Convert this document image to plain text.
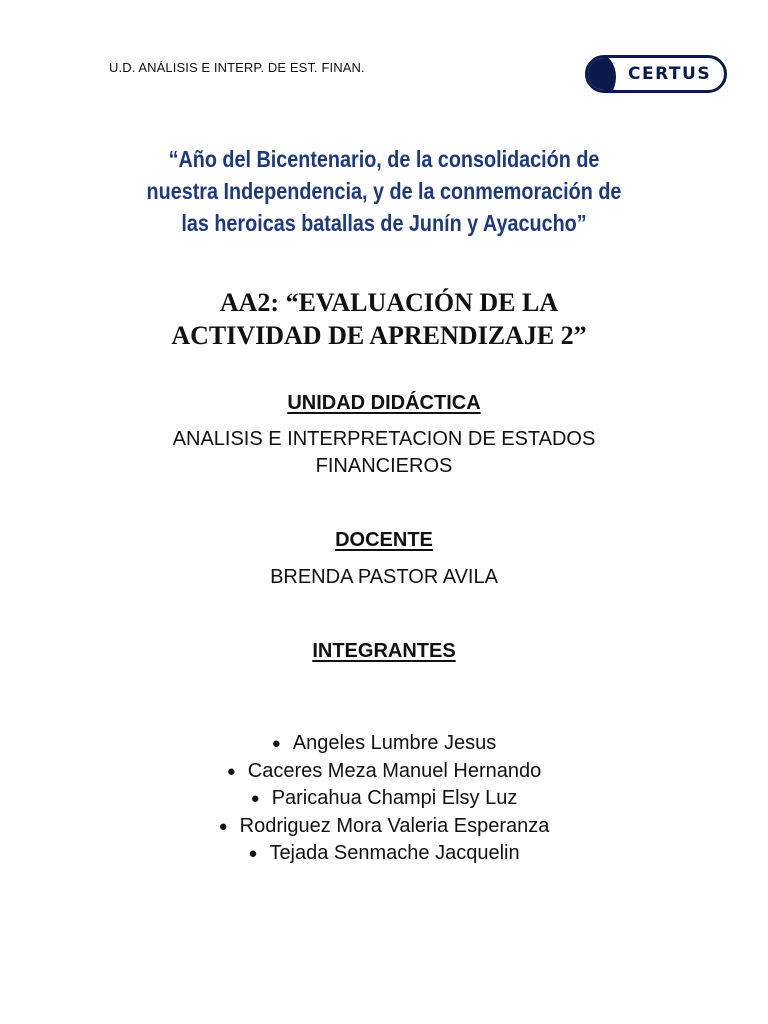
U.D. ANÁLISIS E INTERP. DE EST. FINAN.	CERTUS
“Año del Bicentenario, de la consolidación de
nuestra Independencia, y de la conmemoración de
las heroicas batallas de Junín y Ayacucho”
AA2: “EVALUACIÓN DE LA
ACTIVIDAD DE APRENDIZAJE 2”
UNIDAD DIDÁCTICA
ANALISIS E INTERPRETACION DE ESTADOS
FINANCIEROS
DOCENTE
BRENDA PASTOR AVILA
INTEGRANTES
● Angeles Lumbre Jesus
● Caceres Meza Manuel Hernando
● Paricahua Champi Elsy Luz
● Rodriguez Mora Valeria Esperanza
● Tejada Senmache Jacquelin
